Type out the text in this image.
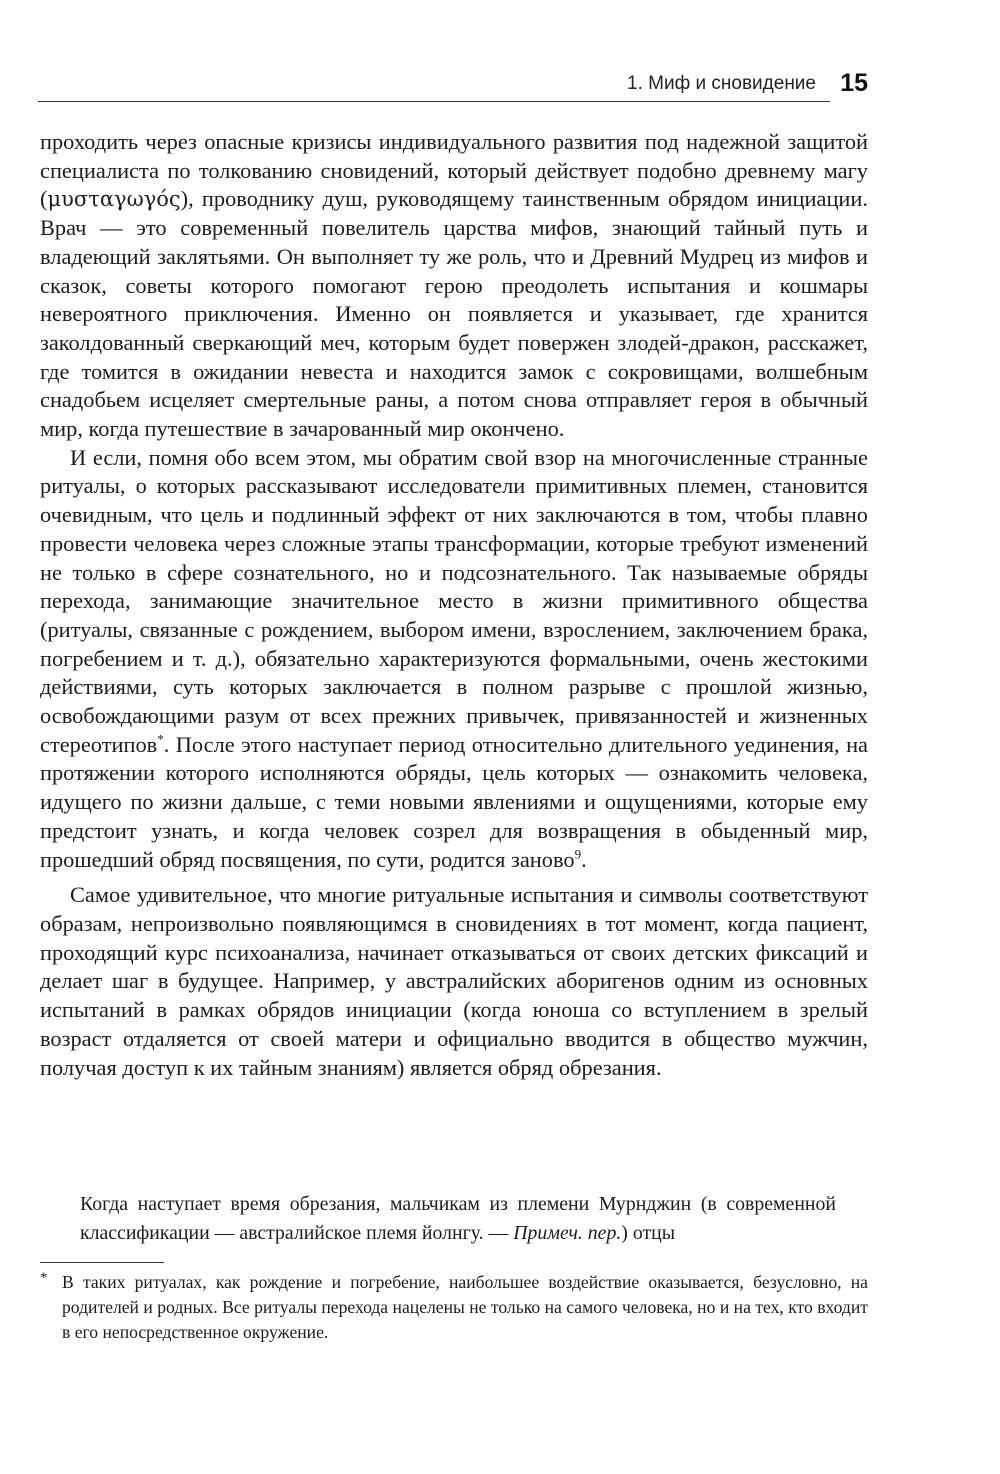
1. Миф и сновидение 15

проходить через опасные кризисы индивидуального развития под надежной защитой специалиста по толкованию сновидений, который действует подобно древнему магу (μυσταγωγός), проводнику душ, руководящему таинственным обрядом инициации. Врач — это современный повелитель царства мифов, знающий тайный путь и владеющий заклятьями. Он выполняет ту же роль, что и Древний Мудрец из мифов и сказок, советы которого помогают герою преодолеть испытания и кошмары невероятного приключения. Именно он появляется и указывает, где хранится заколдованный сверкающий меч, которым будет повержен злодей-дракон, расскажет, где томится в ожидании невеста и находится замок с сокровищами, волшебным снадобьем исцеляет смертельные раны, а потом снова отправляет героя в обычный мир, когда путешествие в зачарованный мир окончено.

И если, помня обо всем этом, мы обратим свой взор на многочисленные странные ритуалы, о которых рассказывают исследователи примитивных племен, становится очевидным, что цель и подлинный эффект от них заключаются в том, чтобы плавно провести человека через сложные этапы трансформации, которые требуют изменений не только в сфере сознательного, но и подсознательного. Так называемые обряды перехода, занимающие значительное место в жизни примитивного общества (ритуалы, связанные с рождением, выбором имени, взрослением, заключением брака, погребением и т. д.), обязательно характеризуются формальными, очень жестокими действиями, суть которых заключается в полном разрыве с прошлой жизнью, освобождающими разум от всех прежних привычек, привязанностей и жизненных стереотипов*. После этого наступает период относительно длительного уединения, на протяжении которого исполняются обряды, цель которых — ознакомить человека, идущего по жизни дальше, с теми новыми явлениями и ощущениями, которые ему предстоит узнать, и когда человек созрел для возвращения в обыденный мир, прошедший обряд посвящения, по сути, родится заново$^9$.

Самое удивительное, что многие ритуальные испытания и символы соответствуют образам, непроизвольно появляющимся в сновидениях в тот момент, когда пациент, проходящий курс психоанализа, начинает отказываться от своих детских фиксаций и делает шаг в будущее. Например, у австралийских аборигенов одним из основных испытаний в рамках обрядов инициации (когда юноша со вступлением в зрелый возраст отдаляется от своей матери и официально вводится в общество мужчин, получая доступ к их тайным знаниям) является обряд обрезания.

Когда наступает время обрезания, мальчикам из племени Мурнджин (в современной классификации — австралийское племя йолнгу. — Примеч. пер.) отцы

* В таких ритуалах, как рождение и погребение, наибольшее воздействие оказывается, безусловно, на родителей и родных. Все ритуалы перехода нацелены не только на самого человека, но и на тех, кто входит в его непосредственное окружение.
